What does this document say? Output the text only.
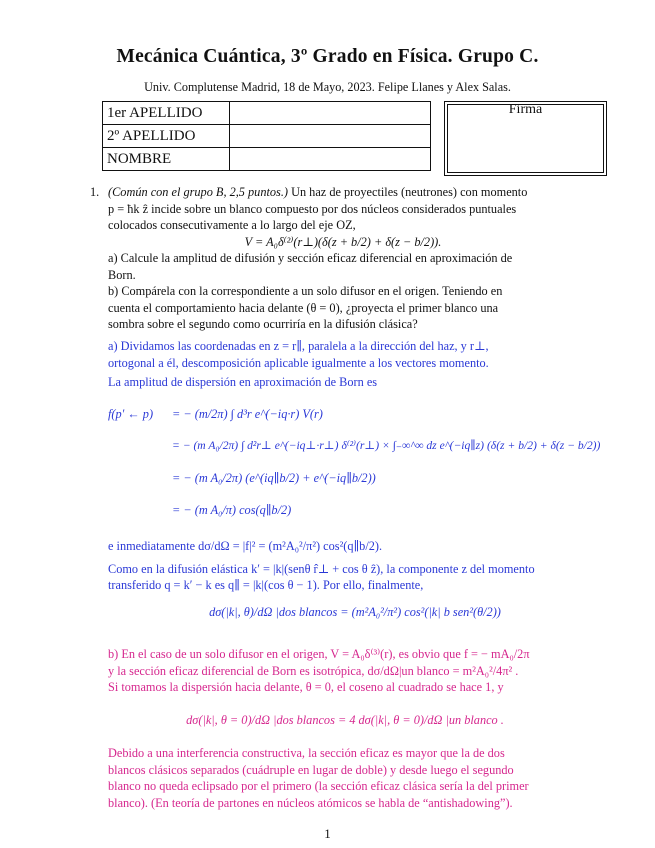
Mecánica Cuántica, 3º Grado en Física. Grupo C.
Univ. Complutense Madrid, 18 de Mayo, 2023. Felipe Llanes y Alex Salas.
1er APELLIDO	
2º APELLIDO	
NOMBRE	
Firma
1. (Común con el grupo B, 2,5 puntos.) Un haz de proyectiles (neutrones) con momento
p = ħk ẑ incide sobre un blanco compuesto por dos núcleos considerados puntuales
colocados consecutivamente a lo largo del eje OZ,
V = A₀δ⁽²⁾(r⊥)(δ(z + b/2) + δ(z − b/2)).
a) Calcule la amplitud de difusión y sección eficaz diferencial en aproximación de
Born.
b) Compárela con la correspondiente a un solo difusor en el origen. Teniendo en
cuenta el comportamiento hacia delante (θ = 0), ¿proyecta el primer blanco una
sombra sobre el segundo como ocurriría en la difusión clásica?
a) Dividamos las coordenadas en z = r∥, paralela a la dirección del haz, y r⊥,
ortogonal a él, descomposición aplicable igualmente a los vectores momento.
La amplitud de dispersión en aproximación de Born es
f(p′ ← p) = − (m/2π) ∫ d³r e^(−iq·r) V(r)
= − (m A₀/2π) ∫ d²r⊥ e^(−iq⊥·r⊥) δ⁽²⁾(r⊥) × ∫₋∞^∞ dz e^(−iq∥z) (δ(z + b/2) + δ(z − b/2))
= − (m A₀/2π) (e^(iq∥b/2) + e^(−iq∥b/2))
= − (m A₀/π) cos(q∥b/2)
e inmediatamente dσ/dΩ = |f|² = (m²A₀²/π²) cos²(q∥b/2).
Como en la difusión elástica k′ = |k|(senθ r̂⊥ + cos θ ẑ), la componente z del momento
transferido q = k′ − k es q∥ = |k|(cos θ − 1). Por ello, finalmente,
dσ(|k|, θ)/dΩ |dos blancos = (m²A₀²/π²) cos²(|k| b sen²(θ/2))
b) En el caso de un solo difusor en el origen, V = A₀δ⁽³⁾(r), es obvio que f = − mA₀/2π
y la sección eficaz diferencial de Born es isotrópica, dσ/dΩ|un blanco = m²A₀²/4π² .
Si tomamos la dispersión hacia delante, θ = 0, el coseno al cuadrado se hace 1, y
dσ(|k|, θ = 0)/dΩ |dos blancos = 4 dσ(|k|, θ = 0)/dΩ |un blanco .
Debido a una interferencia constructiva, la sección eficaz es mayor que la de dos
blancos clásicos separados (cuádruple en lugar de doble) y desde luego el segundo
blanco no queda eclipsado por el primero (la sección eficaz clásica sería la del primer
blanco). (En teoría de partones en núcleos atómicos se habla de “antishadowing”).
1
